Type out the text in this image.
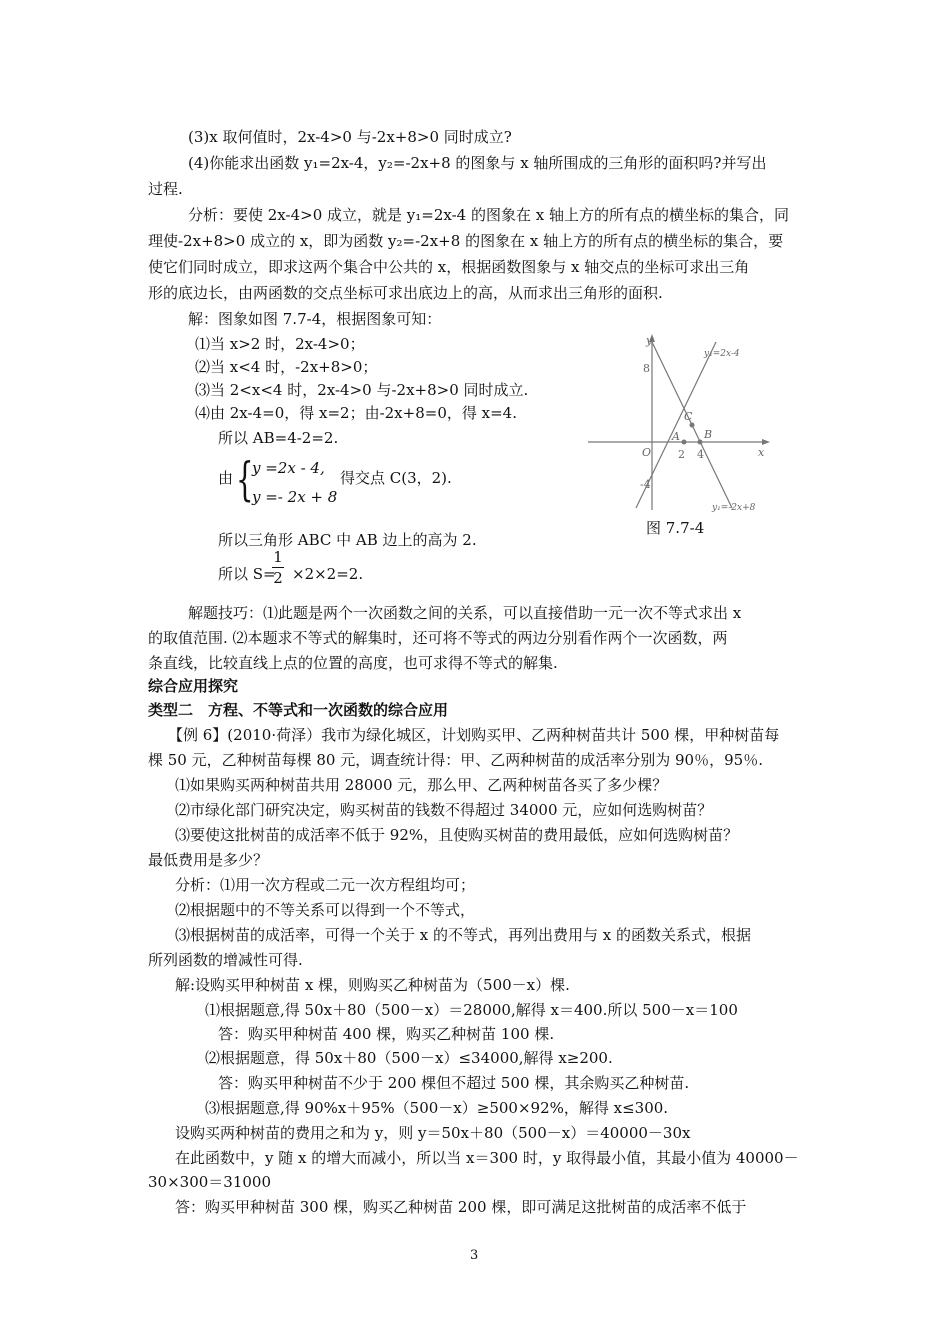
(3)x 取何值时，2x-4>0 与-2x+8>0 同时成立?
(4)你能求出函数 y₁=2x-4，y₂=-2x+8 的图象与 x 轴所围成的三角形的面积吗?并写出
过程.
分析：要使 2x-4>0 成立，就是 y₁=2x-4 的图象在 x 轴上方的所有点的横坐标的集合，同
理使-2x+8>0 成立的 x，即为函数 y₂=-2x+8 的图象在 x 轴上方的所有点的横坐标的集合，要
使它们同时成立，即求这两个集合中公共的 x，根据函数图象与 x 轴交点的坐标可求出三角
形的底边长，由两函数的交点坐标可求出底边上的高，从而求出三角形的面积.
解：图象如图 7.7-4，根据图象可知：
⑴当 x>2 时，2x-4>0；
⑵当 x<4 时，-2x+8>0；
⑶当 2<x<4 时，2x-4>0 与-2x+8>0 同时成立.
⑷由 2x-4=0，得 x=2；由-2x+8=0，得 x=4.
所以 AB=4-2=2.
由 {
y =2x - 4,
y =- 2x + 8
得交点 C(3，2).
所以三角形 ABC 中 AB 边上的高为 2.
所以 S=
1
2 ×2×2=2.
解题技巧：⑴此题是两个一次函数之间的关系，可以直接借助一元一次不等式求出 x
的取值范围. ⑵本题求不等式的解集时，还可将不等式的两边分别看作两个一次函数，两
条直线，比较直线上点的位置的高度，也可求得不等式的解集.
综合应用探究
类型二　方程、不等式和一次函数的综合应用
【例 6】(2010·荷泽）我市为绿化城区，计划购买甲、乙两种树苗共计 500 棵，甲种树苗每
棵 50 元，乙种树苗每棵 80 元，调查统计得：甲、乙两种树苗的成活率分别为 90％，95％.
⑴如果购买两种树苗共用 28000 元，那么甲、乙两种树苗各买了多少棵？
⑵市绿化部门研究决定，购买树苗的钱数不得超过 34000 元，应如何选购树苗？
⑶要使这批树苗的成活率不低于 92%，且使购买树苗的费用最低，应如何选购树苗？
最低费用是多少？
分析：⑴用一次方程或二元一次方程组均可；
⑵根据题中的不等关系可以得到一个不等式，
⑶根据树苗的成活率，可得一个关于 x 的不等式，再列出费用与 x 的函数关系式，根据
所列函数的增减性可得.
解:设购买甲种树苗 x 棵，则购买乙种树苗为（500－x）棵.
⑴根据题意,得 50x＋80（500－x）＝28000,解得 x＝400.所以 500－x＝100
答：购买甲种树苗 400 棵，购买乙种树苗 100 棵.
⑵根据题意，得 50x＋80（500－x）≤34000,解得 x≥200.
答：购买甲种树苗不少于 200 棵但不超过 500 棵，其余购买乙种树苗.
⑶根据题意,得 90%x＋95%（500－x）≥500×92%，解得 x≤300.
设购买两种树苗的费用之和为 y，则 y＝50x＋80（500－x）＝40000－30x
在此函数中，y 随 x 的增大而减小，所以当 x＝300 时，y 取得最小值，其最小值为 40000－
30×300＝31000
答：购买甲种树苗 300 棵，购买乙种树苗 200 棵，即可满足这批树苗的成活率不低于
y
x
O
8
-4
2 4
A B
C
y₁=2x-4
y₁=-2x+8
图 7.7-4
3
